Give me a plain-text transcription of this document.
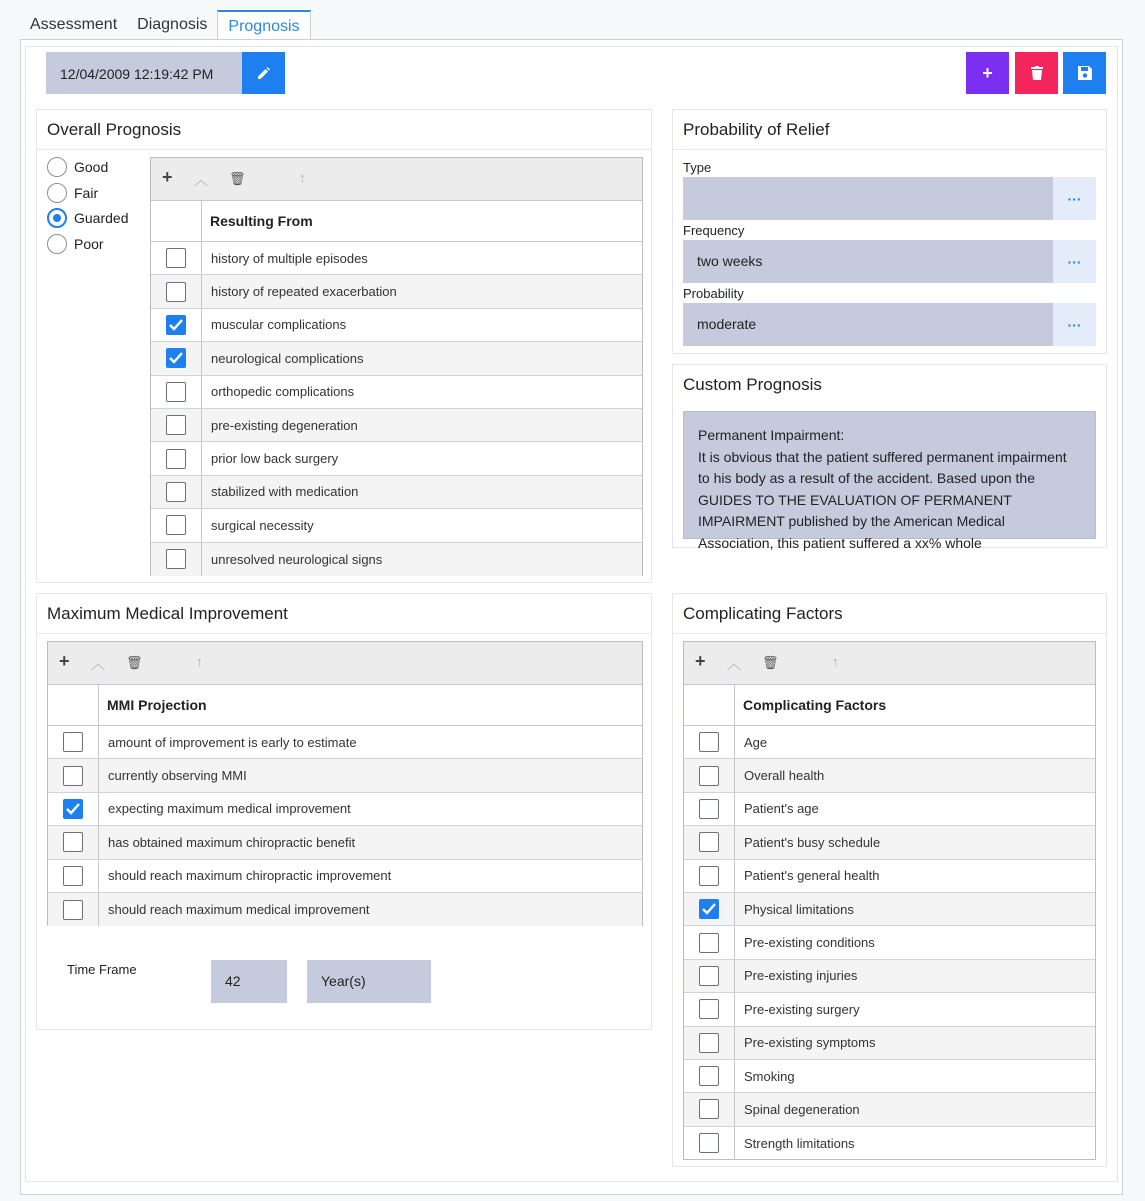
Assessment	Diagnosis	Prognosis
12/04/2009 12:19:42 PM	+
Overall Prognosis
Good
Fair
Guarded
Poor
+ ︿ 🗑	↑
Resulting From
history of multiple episodes
history of repeated exacerbation
muscular complications
neurological complications
orthopedic complications
pre-existing degeneration
prior low back surgery
stabilized with medication
surgical necessity
unresolved neurological signs
Probability of Relief
Type
···
Frequency
two weeks	···
Probability
moderate	···
Custom Prognosis
Permanent Impairment:
It is obvious that the patient suffered permanent impairment to his body as a result of the accident. Based upon the GUIDES TO THE EVALUATION OF PERMANENT IMPAIRMENT published by the American Medical Association, this patient suffered a xx% whole
Maximum Medical Improvement
+ ︿ 🗑	↑
MMI Projection
amount of improvement is early to estimate
currently observing MMI
expecting maximum medical improvement
has obtained maximum chiropractic benefit
should reach maximum chiropractic improvement
should reach maximum medical improvement
Time Frame
42	Year(s)
Complicating Factors
+ ︿ 🗑	↑
Complicating Factors
Age
Overall health
Patient's age
Patient's busy schedule
Patient's general health
Physical limitations
Pre-existing conditions
Pre-existing injuries
Pre-existing surgery
Pre-existing symptoms
Smoking
Spinal degeneration
Strength limitations
